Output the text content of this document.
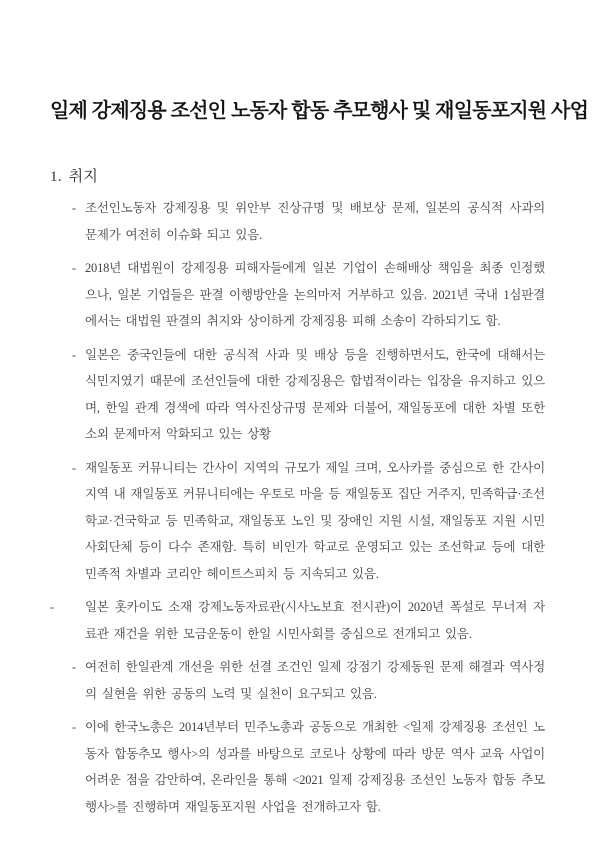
일제 강제징용 조선인 노동자 합동 추모행사 및 재일동포지원 사업
1. 취지
- 조선인노동자 강제징용 및 위안부 진상규명 및 배보상 문제, 일본의 공식적 사과의 문제가 여전히 이슈화 되고 있음.
- 2018년 대법원이 강제징용 피해자들에게 일본 기업이 손해배상 책임을 최종 인정했으나, 일본 기업들은 판결 이행방안을 논의마저 거부하고 있음. 2021년 국내 1심판결에서는 대법원 판결의 취지와 상이하게 강제징용 피해 소송이 각하되기도 함.
- 일본은 중국인들에 대한 공식적 사과 및 배상 등을 진행하면서도, 한국에 대해서는 식민지였기 때문에 조선인들에 대한 강제징용은 합법적이라는 입장을 유지하고 있으며, 한일 관계 경색에 따라 역사진상규명 문제와 더불어, 재일동포에 대한 차별 또한 소외 문제마저 악화되고 있는 상황
- 재일동포 커뮤니티는 간사이 지역의 규모가 제일 크며, 오사카를 중심으로 한 간사이 지역 내 재일동포 커뮤니티에는 우토로 마을 등 재일동포 집단 거주지, 민족학급·조선학교·건국학교 등 민족학교, 재일동포 노인 및 장애인 지원 시설, 재일동포 지원 시민사회단체 등이 다수 존재함. 특히 비인가 학교로 운영되고 있는 조선학교 등에 대한 민족적 차별과 코리안 헤이트스피치 등 지속되고 있음.
-	일본 홋카이도 소재 강제노동자료관(시사노보효 전시관)이 2020년 폭설로 무너져 자료관 재건을 위한 모금운동이 한일 시민사회를 중심으로 전개되고 있음.
- 여전히 한일관계 개선을 위한 선결 조건인 일제 강점기 강제동원 문제 해결과 역사정의 실현을 위한 공동의 노력 및 실천이 요구되고 있음.
- 이에 한국노총은 2014년부터 민주노총과 공동으로 개최한 <일제 강제징용 조선인 노동자 합동추모 행사>의 성과를 바탕으로 코로나 상황에 따라 방문 역사 교육 사업이 어려운 점을 감안하여, 온라인을 통해 <2021 일제 강제징용 조선인 노동자 합동 추모행사>를 진행하며 재일동포지원 사업을 전개하고자 함.
